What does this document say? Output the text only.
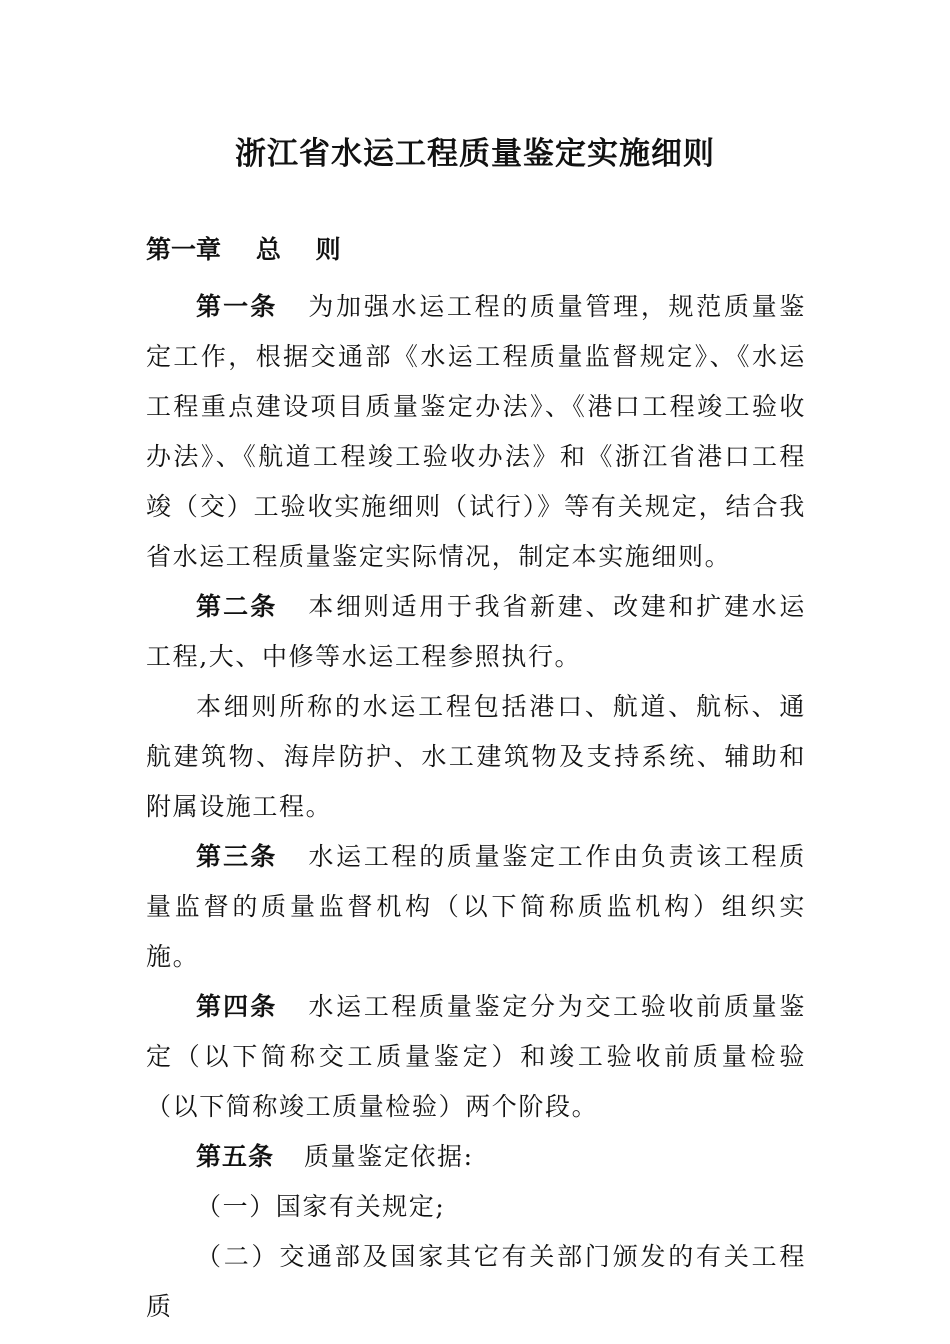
浙江省水运工程质量鉴定实施细则
第一章    总    则

第一条 为加强水运工程的质量管理，规范质量鉴定工作，根据交通部《水运工程质量监督规定》、《水运工程重点建设项目质量鉴定办法》、《港口工程竣工验收办法》、《航道工程竣工验收办法》和《浙江省港口工程竣（交）工验收实施细则（试行）》等有关规定，结合我省水运工程质量鉴定实际情况，制定本实施细则。

第二条 本细则适用于我省新建、改建和扩建水运工程,大、中修等水运工程参照执行。

本细则所称的水运工程包括港口、航道、航标、通航建筑物、海岸防护、水工建筑物及支持系统、辅助和附属设施工程。

第三条 水运工程的质量鉴定工作由负责该工程质量监督的质量监督机构（以下简称质监机构）组织实施。

第四条 水运工程质量鉴定分为交工验收前质量鉴定（以下简称交工质量鉴定）和竣工验收前质量检验（以下简称竣工质量检验）两个阶段。

第五条 质量鉴定依据:

（一）国家有关规定;

（二）交通部及国家其它有关部门颁发的有关工程质
